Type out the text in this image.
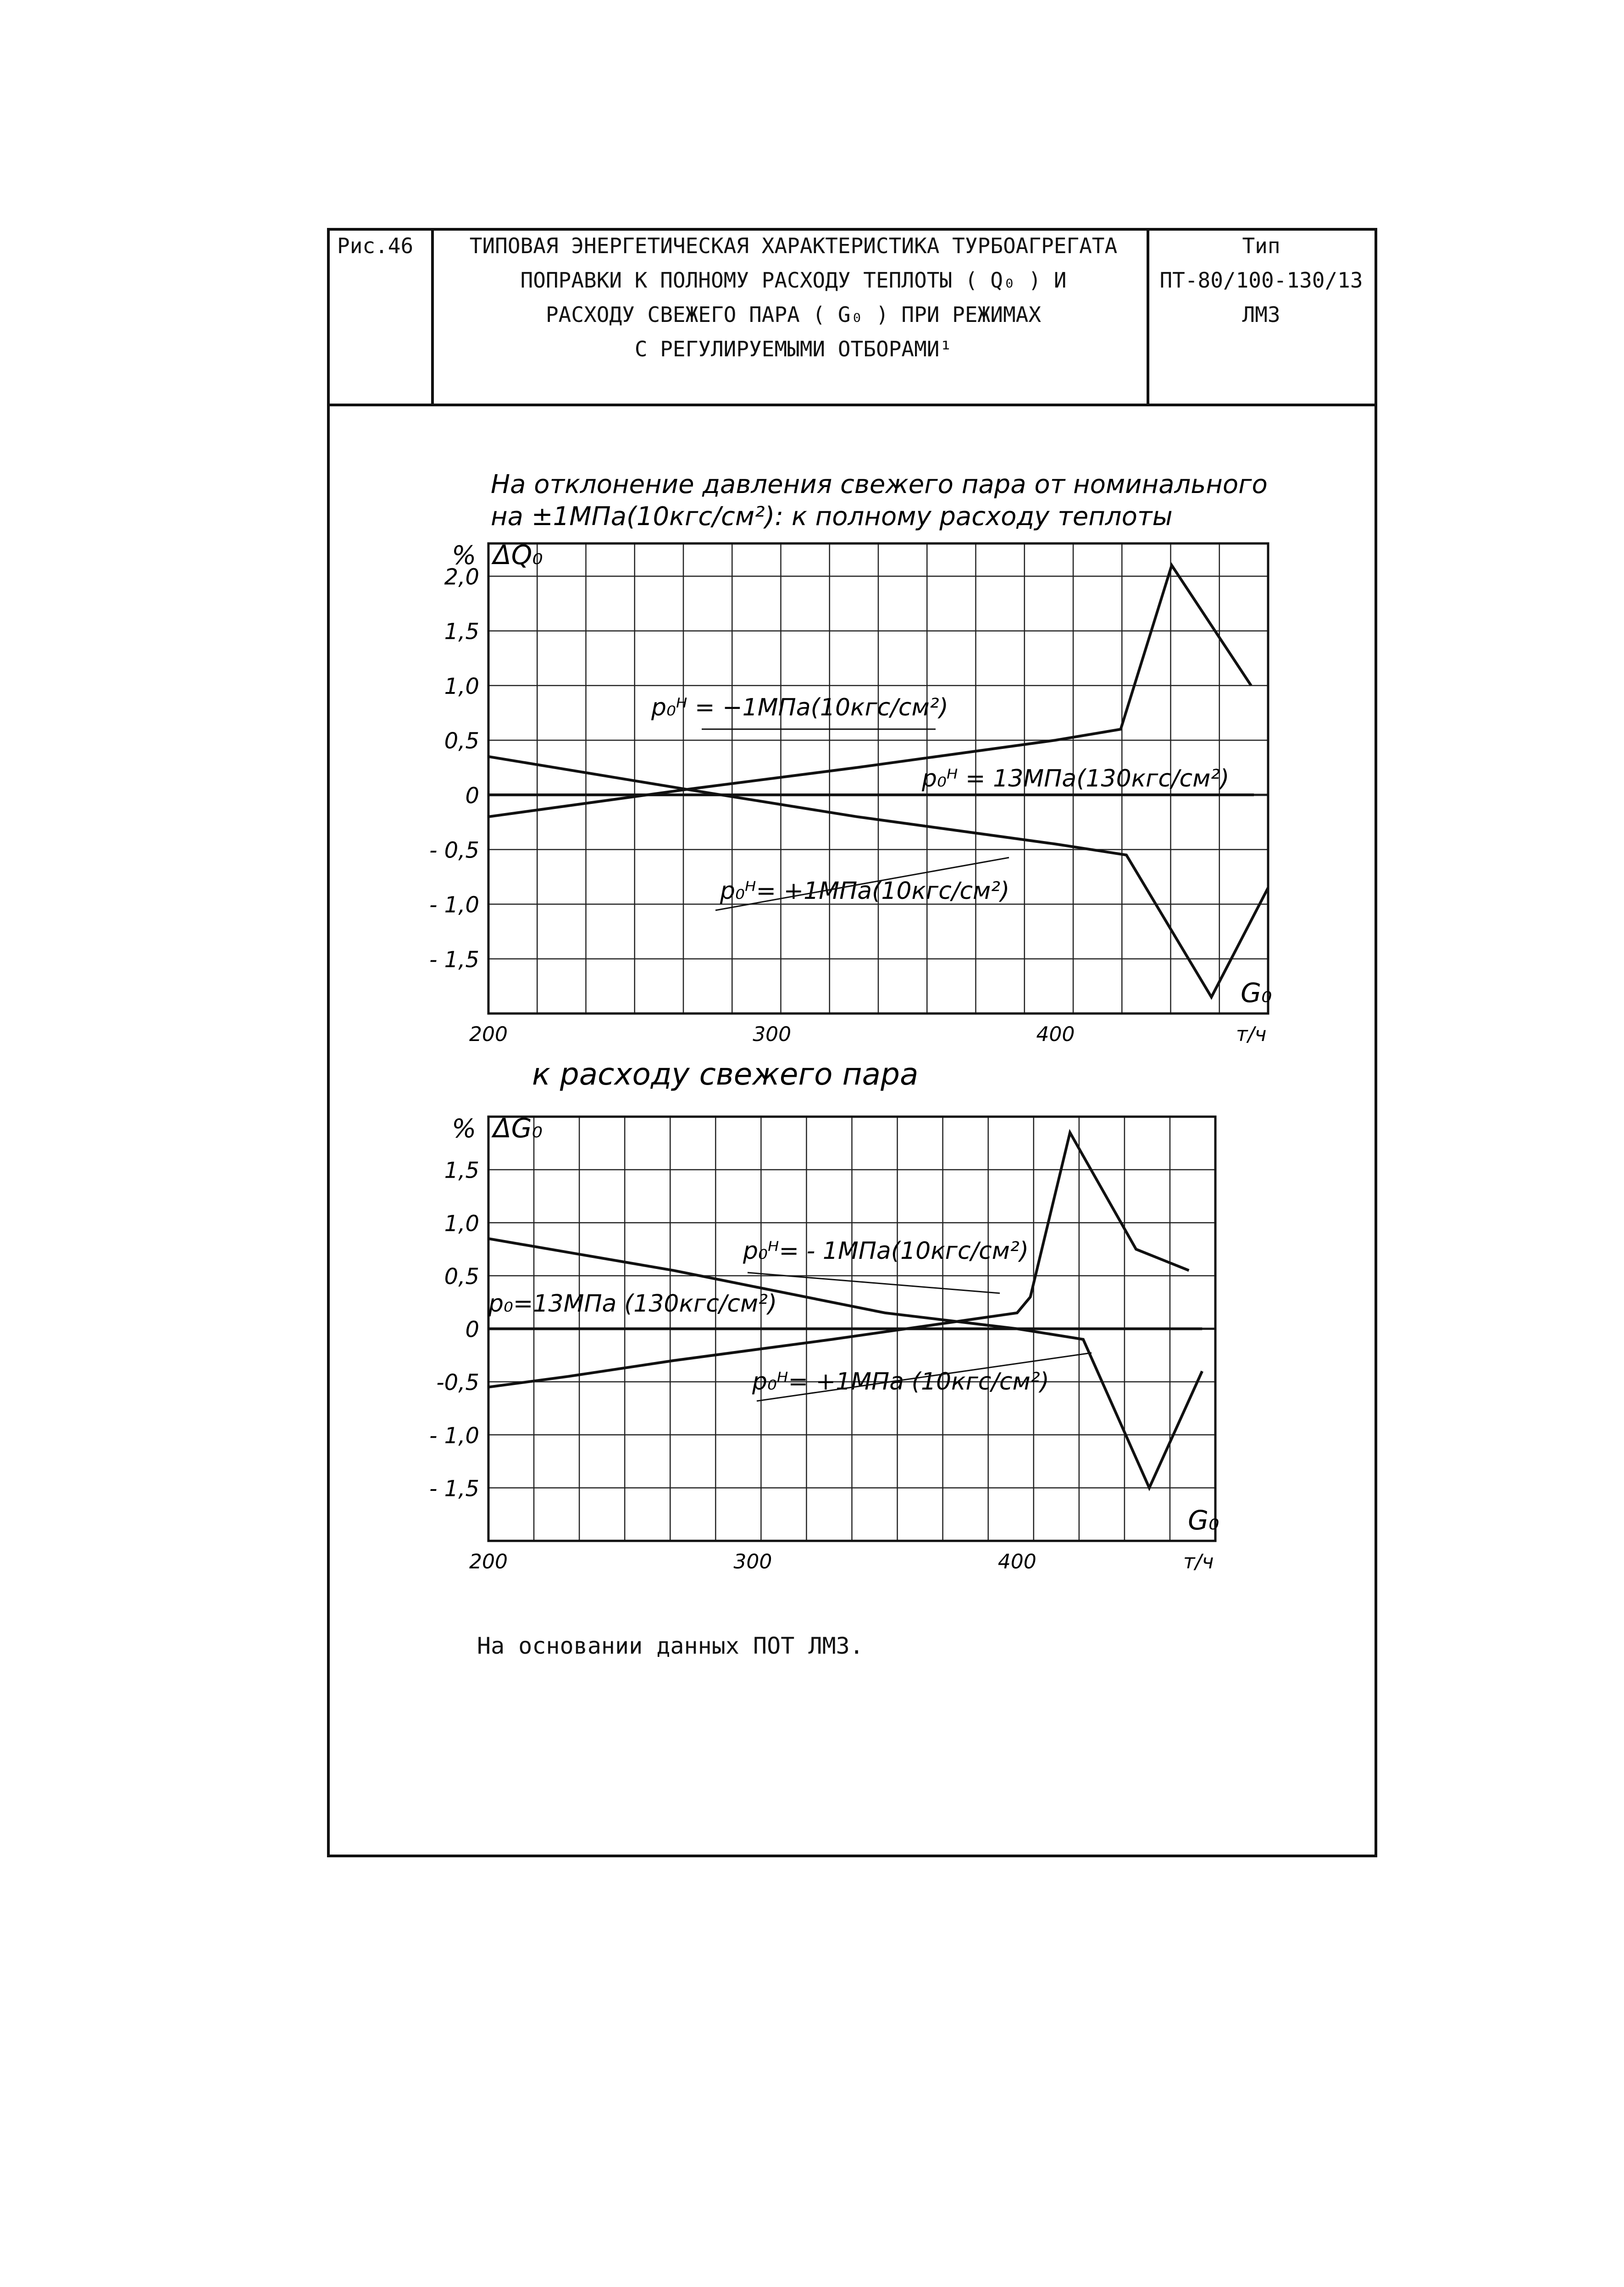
Рис.46	ТИПОВАЯ ЭНЕРГЕТИЧЕСКАЯ ХАРАКТЕРИСТИКА ТУРБОАГРЕГАТА
ПОПРАВКИ К ПОЛНОМУ РАСХОДУ ТЕПЛОТЫ ( Q₀ ) И
РАСХОДУ СВЕЖЕГО ПАРА ( G₀ ) ПРИ РЕЖИМАХ
С РЕГУЛИРУЕМЫМИ ОТБОРАМИ¹
Тип
ПТ-80/100-130/13
ЛМЗ
На отклонение давления свежего пара от номинального
на ±1МПа(10кгс/см²): к полному расходу теплоты
2,0
1,5
1,0
0,5
0
- 0,5
- 1,0
- 1,5
200	300	400
% ΔQ₀
G₀
т/ч
p₀ᴴ = −1МПа(10кгс/см²)
p₀ᴴ = 13МПа(130кгс/см²)
p₀ᴴ= +1МПа(10кгс/см²)
к расходу свежего пара
1,5
1,0
0,5
0
-0,5
- 1,0
- 1,5
200	300	400
% ΔG₀
G₀
т/ч
p₀ᴴ= - 1МПа(10кгс/см²)
p₀=13МПа (130кгс/см²)
p₀ᴴ= +1МПа (10кгс/см²)
На основании данных ПОТ ЛМЗ.
